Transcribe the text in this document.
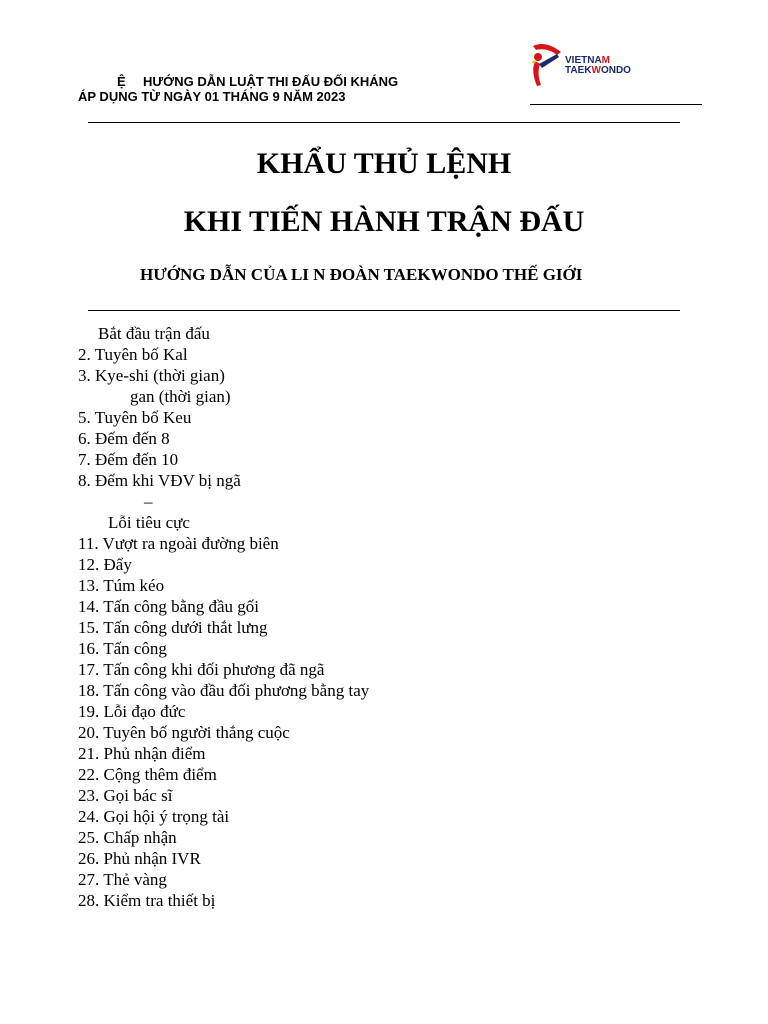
Ệ HƯỚNG DẪN LUẬT THI ĐẤU ĐỐI KHÁNG
ÁP DỤNG TỪ NGÀY 01 THÁNG 9 NĂM 2023
VIETNAM
TAEKWONDO
KHẨU THỦ LỆNH
KHI TIẾN HÀNH TRẬN ĐẤU
HƯỚNG DẪN CỦA LI N ĐOÀN TAEKWONDO THẾ GIỚI
Bắt đầu trận đấu
2. Tuyên bố Kal
3. Kye-shi (thời gian)
gan (thời gian)
5. Tuyên bố Keu
6. Đếm đến 8
7. Đếm đến 10
8. Đếm khi VĐV bị ngã
–
Lỗi tiêu cực
11. Vượt ra ngoài đường biên
12. Đẩy
13. Túm kéo
14. Tấn công bằng đầu gối
15. Tấn công dưới thắt lưng
16. Tấn công
17. Tấn công khi đối phương đã ngã
18. Tấn công vào đầu đối phương bằng tay
19. Lỗi đạo đức
20. Tuyên bố người thắng cuộc
21. Phủ nhận điểm
22. Cộng thêm điểm
23. Gọi bác sĩ
24. Gọi hội ý trọng tài
25. Chấp nhận
26. Phủ nhận IVR
27. Thẻ vàng
28. Kiểm tra thiết bị
